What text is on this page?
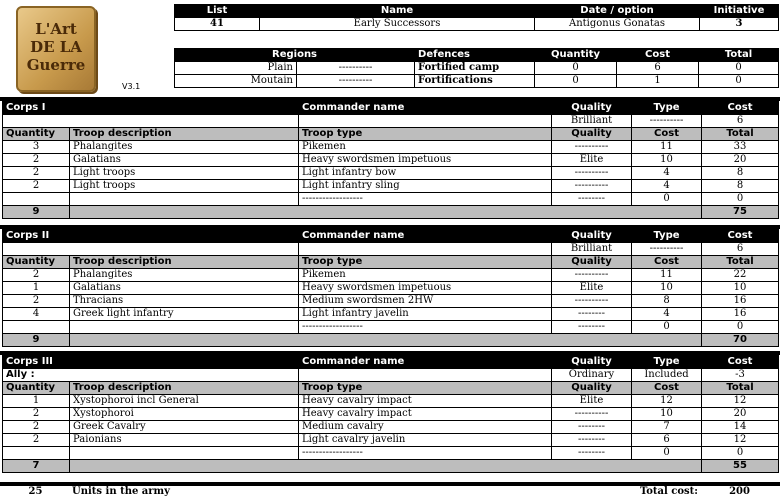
L'Art
DE LA
Guerre
V3.1
List	Name	Date / option	Initiative
41	Early Successors	Antigonus Gonatas	3
Regions		Defences	Quantity	Cost	Total
Plain	----------	Fortified camp	0	6	0
Moutain	----------	Fortifications	0	1	0
Corps I		Commander name	Quality	Type	Cost
			Brilliant	----------	6
Quantity	Troop description	Troop type	Quality	Cost	Total
3	Phalangites	Pikemen	----------	11	33
2	Galatians	Heavy swordsmen impetuous	Elite	10	20
2	Light troops	Light infantry bow	----------	4	8
2	Light troops	Light infantry sling	----------	4	8
		------------------	--------	0	0
9					75
Corps II		Commander name	Quality	Type	Cost
			Brilliant	----------	6
Quantity	Troop description	Troop type	Quality	Cost	Total
2	Phalangites	Pikemen	----------	11	22
1	Galatians	Heavy swordsmen impetuous	Elite	10	10
2	Thracians	Medium swordsmen 2HW	----------	8	16
4	Greek light infantry	Light infantry javelin	--------	4	16
		------------------	--------	0	0
9					70
Corps III		Commander name	Quality	Type	Cost
Ally :			Ordinary	Included	-3
Quantity	Troop description	Troop type	Quality	Cost	Total
1	Xystophoroi incl General	Heavy cavalry impact	Elite	12	12
2	Xystophoroi	Heavy cavalry impact	----------	10	20
2	Greek Cavalry	Medium cavalry	--------	7	14
2	Paionians	Light cavalry javelin	--------	6	12
		------------------	--------	0	0
7					55
25	Units in the army	Total cost:	200
